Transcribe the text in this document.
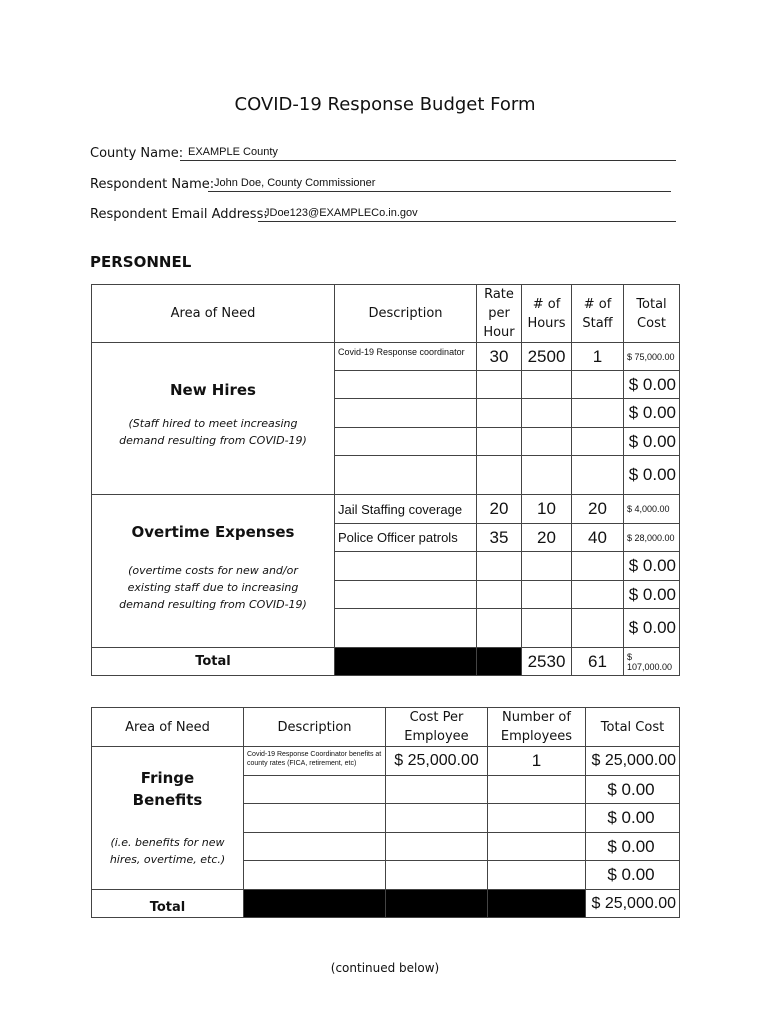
COVID-19 Response Budget Form
County Name: EXAMPLE County
Respondent Name: John Doe, County Commissioner
Respondent Email Address:
JDoe123@EXAMPLECo.in.gov
PERSONNEL
Area of Need	Description	Rate per Hour	# of Hours	# of Staff	Total Cost

New Hires
(Staff hired to meet increasing demand resulting from COVID-19)	Covid-19 Response coordinator	30	2500	1	$ 75,000.00
					$ 0.00
					$ 0.00
					$ 0.00
					$ 0.00

Overtime Expenses
(overtime costs for new and/or existing staff due to increasing demand resulting from COVID-19)	Jail Staffing coverage	20	10	20	$ 4,000.00
	Police Officer patrols	35	20	40	$ 28,000.00
					$ 0.00
					$ 0.00
					$ 0.00
Total			2530	61	$ 107,000.00
Area of Need	Description	Cost Per Employee	Number of Employees	Total Cost

Fringe
Benefits
(i.e. benefits for new hires, overtime, etc.)	Covid-19 Response Coordinator benefits at county rates (FICA, retirement, etc)	$ 25,000.00	1	$ 25,000.00
				$ 0.00
				$ 0.00
				$ 0.00
				$ 0.00
Total				$ 25,000.00
(continued below)
